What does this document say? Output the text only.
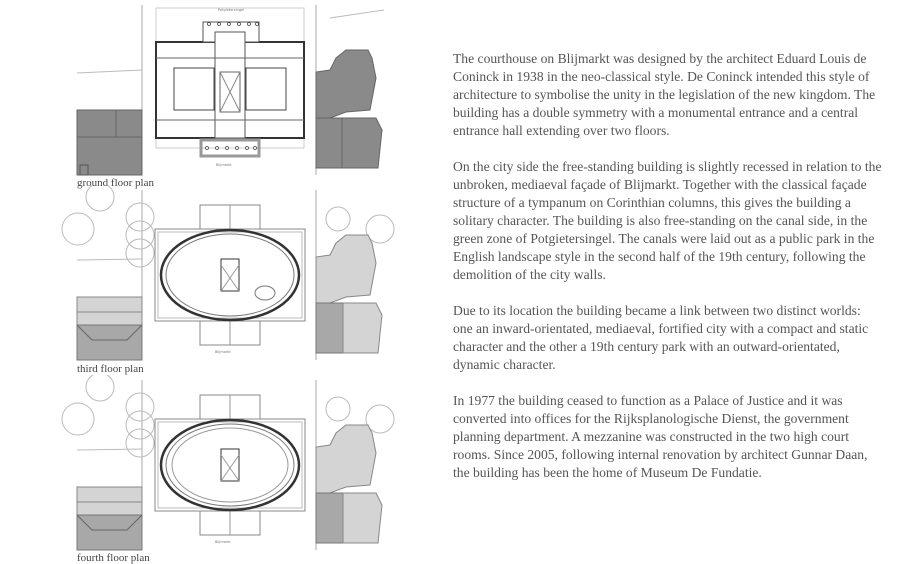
Potgietersingel
Blijmarkt
ground floor plan
Blijmarkt
third floor plan
Blijmarkt
fourth floor plan

The courthouse on Blijmarkt was designed by the architect Eduard Louis de Coninck in 1938 in the neo-classical style. De Coninck intended this style of architecture to symbolise the unity in the legislation of the new kingdom. The building has a double symmetry with a monumental entrance and a central entrance hall extending over two floors.

On the city side the free-standing building is slightly recessed in relation to the unbroken, mediaeval façade of Blijmarkt. Together with the classical façade structure of a tympanum on Corinthian columns, this gives the building a solitary character. The building is also free-standing on the canal side, in the green zone of Potgietersingel. The canals were laid out as a public park in the English landscape style in the second half of the 19th century, following the demolition of the city walls.

Due to its location the building became a link between two distinct worlds: one an inward-orientated, mediaeval, fortified city with a compact and static character and the other a 19th century park with an outward-orientated, dynamic character.

In 1977 the building ceased to function as a Palace of Justice and it was converted into offices for the Rijksplanologische Dienst, the government planning department. A mezzanine was constructed in the two high court rooms. Since 2005, following internal renovation by architect Gunnar Daan, the building has been the home of Museum De Fundatie.
